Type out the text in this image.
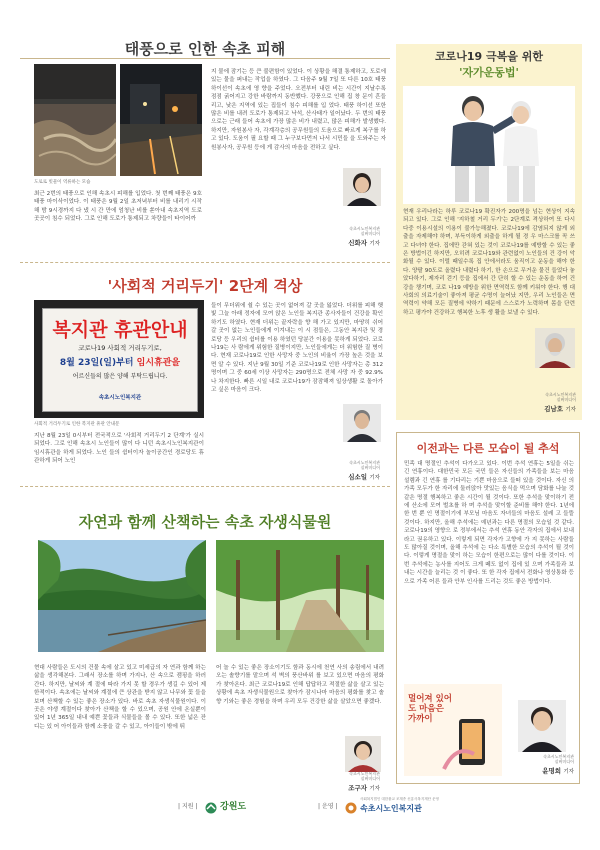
태풍으로 인한 속초 피해
도로로 빗물이 역류하는 모습
최근 2번의 태풍으로 인해 속초시 피해를 입었다. 첫 번째 태풍은 9호 태풍 마이삭이었다. 이 태풍은 9월 2일 초저녁부터 비를 내리기 시작해 밤 9시경까지 다 냈 시 간 만에 엄청난 비를 쏟아내 속초지역 도로 곳곳이 침수 되었다. 그로 인해 도로가 통제되고 차량들이 타이어까
지 물에 잠기는 등 큰 불편함이 있었다. 이 상황을 해결 통제하고, 도로에 있는 물을 퍼내는 작업을 하였다. 그 다음주 9월 7일 또 다른 10호 태풍 하이선이 속초에 영 향을 주었다. 오전부터 내린 비는 시간이 지날수록 점점 굵어지고 강한 바람까지 동반했다. 강풍으로 인해 집 창 문이 흔들리고, 낮은 지역에 있는 집들이 침수 피해를 입 었다. 태풍 하이선 또한 많은 비를 내려 도로가 통제되고 낙석, 산사태가 일어났다. 두 번의 태풍으로는 근래 들어 속초에 가장 많은 비가 내렸고, 많은 피해가 발생했다. 하지만, 자원봉사 자, 각계각층의 공무원들의 도움으로 빠르게 복구를 하고 있다. 도움이 필 요할 때 그 누구보다먼저 나서 시민들 을 도와주는 자원봉사자, 공무원 등에 게 감사의 마음을 전하고 싶다.
속초시노인복지관
실버미디어
신화자 기자
'사회적 거리두기' 2단계 격상
복지관 휴관안내
코로나19 사회적 거리두기로,
8월 23일(일)부터 임시휴관을
어르신들의 많은 양해 부탁드립니다.
속초시노인복지관
사회적 거리두기로 인한 복지관 휴관 안내문
지난 8월 23일 0시부터 전국적으로 '사회적 거리두기 2 단계'가 실시되었다. 그로 인해 속초시 노인들이 많이 다 니던 속초시노인복지관이 임시휴관을 하게 되었다. 노인 들의 쉼터이자 놀이공간인 경로당도 휴관하게 되어 노인
들이 무더위에 쉴 수 있는 곳이 없어져 갈 곳을 잃었다. 더위를 피해 햇빛 그늘 아래 정자에 모여 앉은 노인들 복지관 종사자들이 건강을 확인하기도 하였다. 현재 더위는 끝자락을 향 해 가고 있지만, 마땅히 쉬어갈 곳이 없는 노인들에게 이겨내는 이 시 점들은, 그동안 복지관 및 경로당 등 우리의 쉼터를 이용 하였던 당분간 이용을 못하게 되었다. 코로나19는 사 람에게 위험한 질병이지만, 노인들에게는 더 위험한 질 병이다. 현재 코로나19로 인한 사망자 중 노인의 비율이 가장 높은 것을 보면 알 수 있다. 지난 9월 30일 기준 코로나19로 인한 사망자는 총 312명이며 그 중 60세 이상 사망자는 290명으로 전체 사망 자 중 92.9%나 차지한다. 빠른 시일 내로 코로나19가 잠잠해져 일상생활 로 돌아가고 싶은 마음이 크다.
속초시노인복지관
실버미디어
심소일 기자
자연과 함께 산책하는 속초 자생식물원
현대 사람들은 도시의 건물 속에 살고 있고 미세급의 자 연과 함께 하는 삶을 생각해본다. 그래서 장소를 하며 가지나, 산 속으로 캠핑을 하러 간다. 하지만, 날씨와 계 절에 따라 가지 못 할 경우가 생길 수 있어 제한적이다. 속초에는 날씨와 계절에 큰 상관을 받지 않고 나무와 꽃 들을 보며 산책할 수 있는 좋은 장소가 있다. 바로 속초 자생식물원이다. 이 곳은 야생 계절이다 찾아가 산책을 할 수 있으며, 공원 안에 온실뿐이 있어 1년 365일 내내 예쁜 꽃들과 식물들을 볼 수 있다. 또한 넓은 잔디는 있 어 아이들과 함께 소풍을 갈 수 있고, 아이들이 밖에 뛰
어 놀 수 있는 좋은 장소이기도 함과 동시에 천연 사의 송림에서 내려오는 솔향기를 맡으며 석 벽의 풍산바위 를 보고 있으면 마음의 평화가 찾아온다. 최근 코로나19로 인해 답답하고 적절한 삶을 살고 있는 상황에 속초 자생식물원으로 찾아가 잠시나마 마음의 평화를 찾고 솔향 기와는 좋은 경험을 하며 우리 모두 건강한 삶을 살았으면 좋겠다.
속초시노인복지관
실버미디어
조구자 기자
코로나19 극복을 위한
'자가운동법'
현재 우리나라는 하루 코로나19 확진자가 200명을 넘는 현상이 지속되고 있다. 그로 인해 '지하철 거리 두기'는 2단계로 격상하여 또 다시 다중 이용시설의 이용이 불가능해졌다. 코로나19에 감염되지 않게 외 출을 자제해야 하며, 부득이하게 외출을 하게 될 경 우 마스크를 꼭 쓰고 다녀야 한다. 집에만 갇혀 있는 것이 코로나19를 예방할 수 있는 좋은 방법이긴 하지만, 오히려 코로나19와 관련없이 노인들의 건 강이 악화될 수 있다. 이럴 때일수록 집 안에서라도 움직이고 운동을 해야 한다. 양팔 90도로 올렸다 내렸다 하기, 한 손으로 무거운 물건 들었다 놓았다하기, 제자리 걷기 등을 집에서 간 단히 할 수 있는 운동을 하여 건강을 챙기며, 코로 나19 예방을 위한 면역력도 함께 키워야 한다. 행 대사회의 의료기술이 좋아져 평균 수명이 늘어났 지만, 우리 노인들은 면역력이 약해 모든 질병에 약하기 때문에 스스로가 노력하며 몸을 단련하고 평가야 건강하고 행복한 노후 생 활을 보낼 수 있다.
속초시노인복지관
실버미디어
김남호 기자
이전과는 다른 모습이 될 추석
민족 대 명절인 추석이 다가오고 있다. 이번 추석 연휴는 5일을 쉬는 긴 연휴이다. 대한민국 모든 국민 들은 자신들의 가족들을 보는 마음 설렘과 긴 연휴 를 기다리는 기쁜 마음으로 들떠 있을 것이다. 자신 의 가족 모두가 한 자리에 둘러앉아 맛있는 음식을 먹으며 담화를 나눌 것 같은 명절 행복하고 좋은 시간이 될 것이다. 또한 추석을 맞이하기 전에 산소에 모여 벌초를 하 며 추석을 맞이할 준비를 해야 한다. 1년에 한 번 뿐 인 명절이기에 부모님 마음도 자녀들의 마음도 설레 고 들뜰 것이다. 하지만, 올해 추석에는 예년과는 다른 명절의 모습일 것 같다. 코로나19의 영향으 로 정부에서는 추석 연휴 동안 각자의 집에서 보내 라고 권유하고 있다. 이렇게 되면 각자가 고향에 가 지 못하는 사람들도 많아질 것이며, 올해 추석에 는 다소 특별한 모습의 추석이 될 것이다. 이렇게 명절을 맞이 하는 모습이 한편으로는 많이 다를 것이다. 이번 추석에는 농사를 지어도 크게 떼도 없이 집에 있 으며 가족들과 보내는 시간을 늘리는 것 이 좋다. 또 한 각자 집에서 전화나 영상통화 등으로 가족 어른 들과 안부 인사를 드리는 것도 좋은 방법이다.
멀어져 있어도 마음은 가까이
속초시노인복지관
실버미디어
윤명희 기자
| 지원 |	강원도	| 운영 |
사회복지법인 대한불교 조계종 신흥사복지재단 운영
속초시노인복지관
